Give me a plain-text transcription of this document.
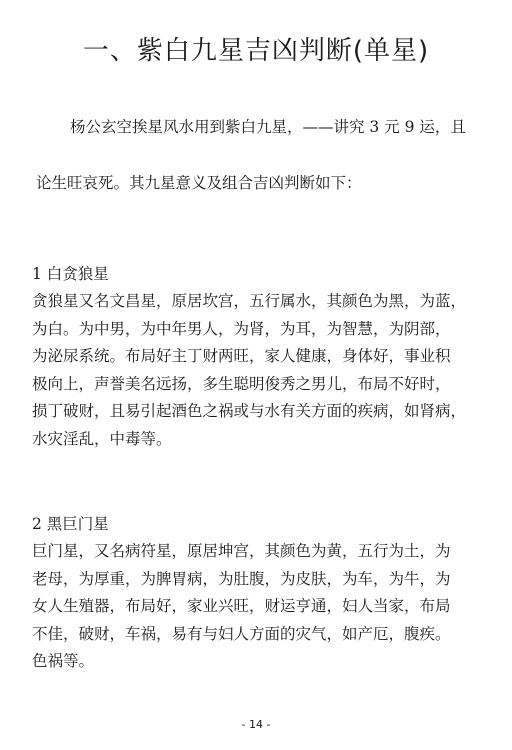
一、紫白九星吉凶判断(单星)
杨公玄空挨星风水用到紫白九星，——讲究 3 元 9 运，且
论生旺哀死。其九星意义及组合吉凶判断如下：
1 白贪狼星
贪狼星又名文昌星，原居坎宫，五行属水，其颜色为黑，为蓝，
为白。为中男，为中年男人，为肾，为耳，为智慧，为阴部，
为泌尿系统。布局好主丁财两旺，家人健康，身体好，事业积
极向上，声誉美名远扬，多生聪明俊秀之男儿，布局不好时，
损丁破财，且易引起酒色之祸或与水有关方面的疾病，如肾病，
水灾淫乱，中毒等。
2 黑巨门星
巨门星，又名病符星，原居坤宫，其颜色为黄，五行为土，为
老母，为厚重，为脾胃病，为肚腹，为皮肤，为车，为牛，为
女人生殖器，布局好，家业兴旺，财运亨通，妇人当家，布局
不佳，破财，车祸，易有与妇人方面的灾气，如产厄，腹疾。
色祸等。
- 14 -
